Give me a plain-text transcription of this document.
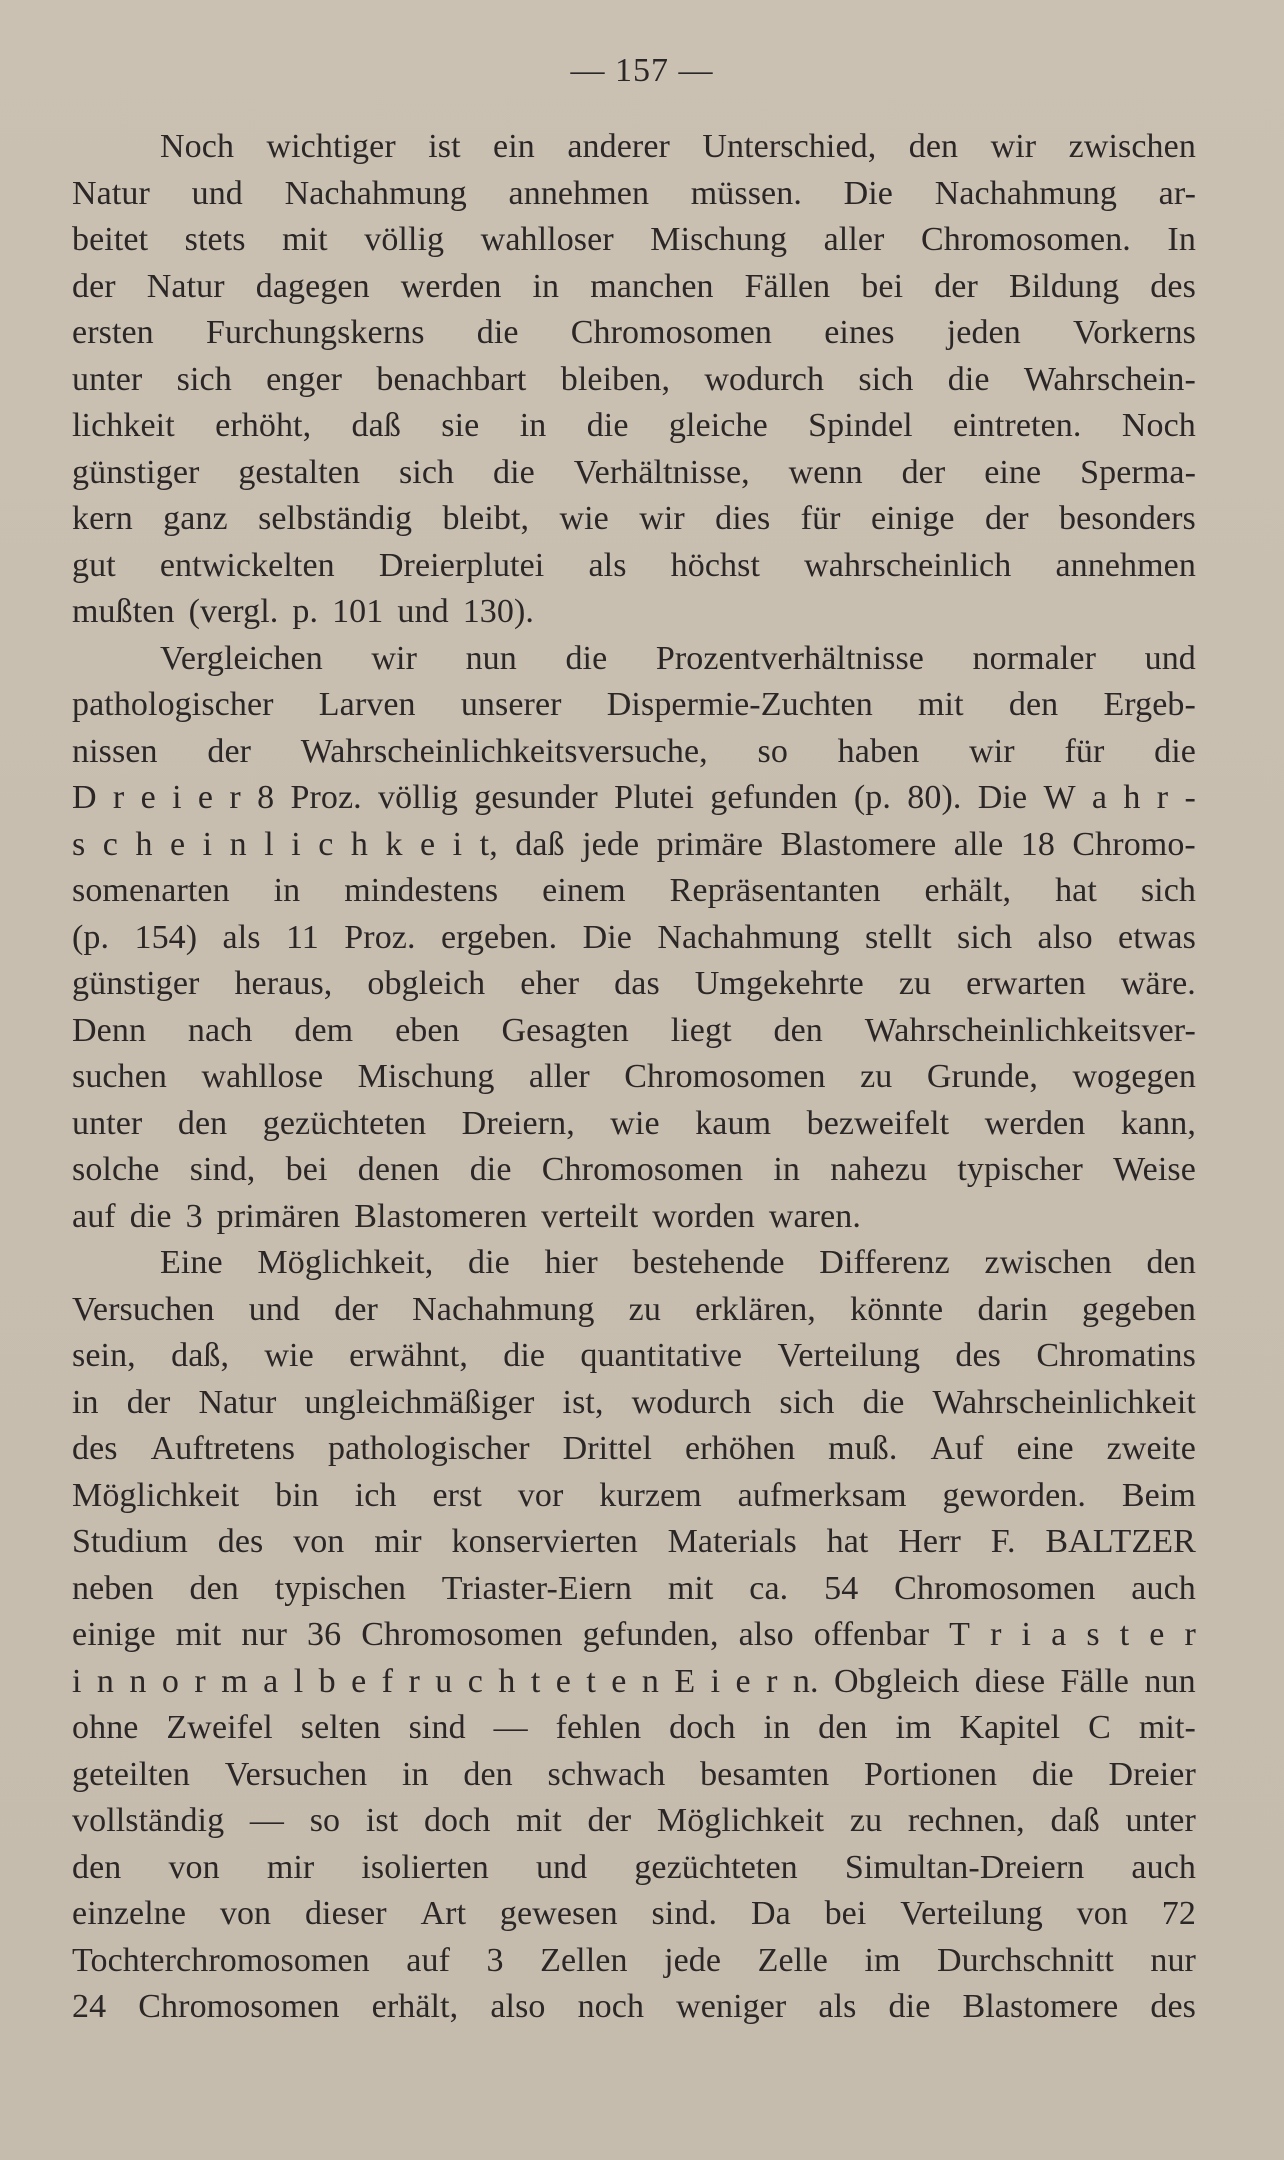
— 157 —
Noch wichtiger ist ein anderer Unterschied, den wir zwischen
Natur und Nachahmung annehmen müssen. Die Nachahmung ar-
beitet stets mit völlig wahlloser Mischung aller Chromosomen. In
der Natur dagegen werden in manchen Fällen bei der Bildung des
ersten Furchungskerns die Chromosomen eines jeden Vorkerns
unter sich enger benachbart bleiben, wodurch sich die Wahrschein-
lichkeit erhöht, daß sie in die gleiche Spindel eintreten. Noch
günstiger gestalten sich die Verhältnisse, wenn der eine Sperma-
kern ganz selbständig bleibt, wie wir dies für einige der besonders
gut entwickelten Dreierplutei als höchst wahrscheinlich annehmen
mußten (vergl. p. 101 und 130).
Vergleichen wir nun die Prozentverhältnisse normaler und
pathologischer Larven unserer Dispermie-Zuchten mit den Ergeb-
nissen der Wahrscheinlichkeitsversuche, so haben wir für die
D r e i e r 8 Proz. völlig gesunder Plutei gefunden (p. 80). Die W a h r -
s c h e i n l i c h k e i t, daß jede primäre Blastomere alle 18 Chromo-
somenarten in mindestens einem Repräsentanten erhält, hat sich
(p. 154) als 11 Proz. ergeben. Die Nachahmung stellt sich also etwas
günstiger heraus, obgleich eher das Umgekehrte zu erwarten wäre.
Denn nach dem eben Gesagten liegt den Wahrscheinlichkeitsver-
suchen wahllose Mischung aller Chromosomen zu Grunde, wogegen
unter den gezüchteten Dreiern, wie kaum bezweifelt werden kann,
solche sind, bei denen die Chromosomen in nahezu typischer Weise
auf die 3 primären Blastomeren verteilt worden waren.
Eine Möglichkeit, die hier bestehende Differenz zwischen den
Versuchen und der Nachahmung zu erklären, könnte darin gegeben
sein, daß, wie erwähnt, die quantitative Verteilung des Chromatins
in der Natur ungleichmäßiger ist, wodurch sich die Wahrscheinlichkeit
des Auftretens pathologischer Drittel erhöhen muß. Auf eine zweite
Möglichkeit bin ich erst vor kurzem aufmerksam geworden. Beim
Studium des von mir konservierten Materials hat Herr F. BALTZER
neben den typischen Triaster-Eiern mit ca. 54 Chromosomen auch
einige mit nur 36 Chromosomen gefunden, also offenbar T r i a s t e r
i n n o r m a l b e f r u c h t e t e n E i e r n. Obgleich diese Fälle nun
ohne Zweifel selten sind — fehlen doch in den im Kapitel C mit-
geteilten Versuchen in den schwach besamten Portionen die Dreier
vollständig — so ist doch mit der Möglichkeit zu rechnen, daß unter
den von mir isolierten und gezüchteten Simultan-Dreiern auch
einzelne von dieser Art gewesen sind. Da bei Verteilung von 72
Tochterchromosomen auf 3 Zellen jede Zelle im Durchschnitt nur
24 Chromosomen erhält, also noch weniger als die Blastomere des
